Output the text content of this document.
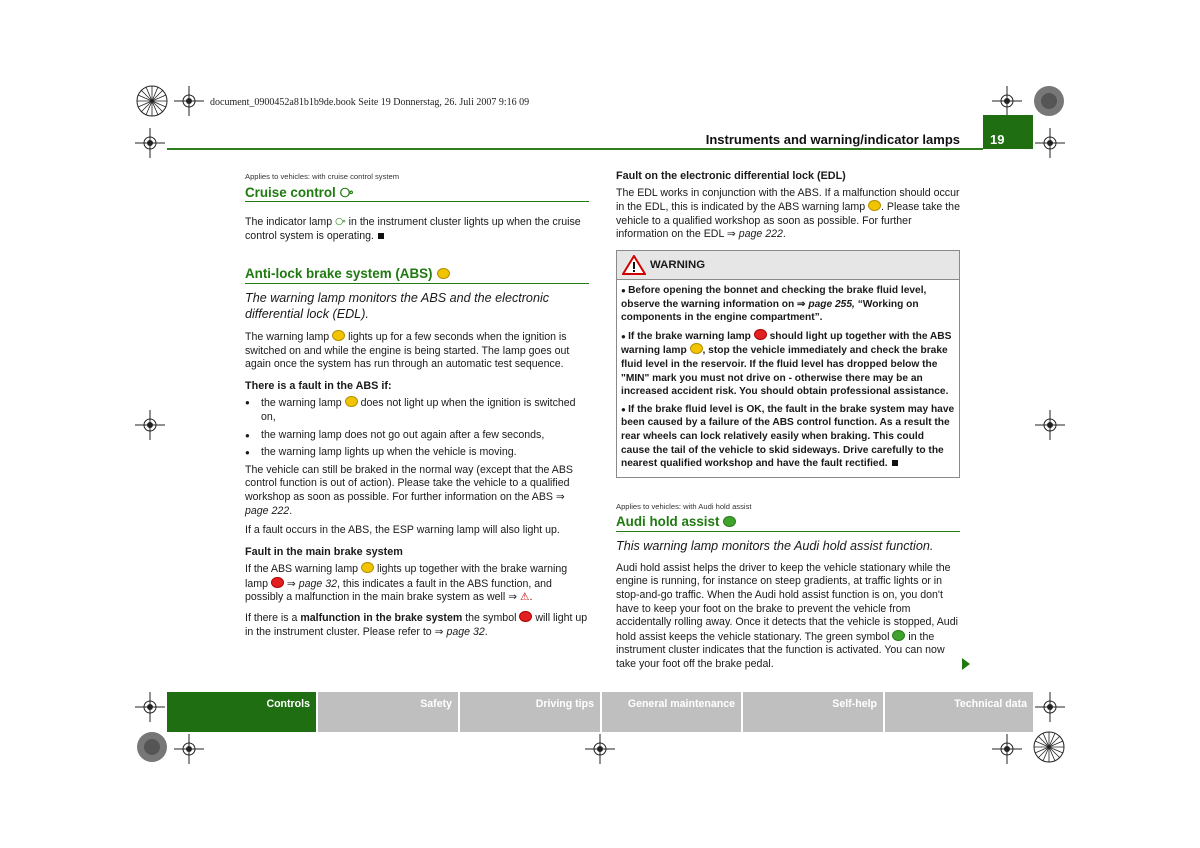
document_0900452a81b1b9de.book Seite 19 Donnerstag, 26. Juli 2007 9:16 09
Instruments and warning/indicator lamps 19

Applies to vehicles: with cruise control system

Cruise control ⧂

The indicator lamp ⧂ in the instrument cluster lights up when the cruise control system is operating.

Anti-lock brake system (ABS)

The warning lamp monitors the ABS and the electronic differential lock (EDL).

The warning lamp lights up for a few seconds when the ignition is switched on and while the engine is being started. The lamp goes out again once the system has run through an automatic test sequence.

There is a fault in the ABS if:

● the warning lamp does not light up when the ignition is switched on,

● the warning lamp does not go out again after a few seconds,

● the warning lamp lights up when the vehicle is moving.

The vehicle can still be braked in the normal way (except that the ABS control function is out of action). Please take the vehicle to a qualified workshop as soon as possible. For further information on the ABS ⇒ page 222.

If a fault occurs in the ABS, the ESP warning lamp will also light up.

Fault in the main brake system

If the ABS warning lamp lights up together with the brake warning lamp  ⇒ page 32, this indicates a fault in the ABS function, and possibly a malfunction in the main brake system as well ⇒ ⚠.

If there is a malfunction in the brake system the symbol will light up in the instrument cluster. Please refer to ⇒ page 32.

Fault on the electronic differential lock (EDL)

The EDL works in conjunction with the ABS. If a malfunction should occur in the EDL, this is indicated by the ABS warning lamp . Please take the vehicle to a qualified workshop as soon as possible. For further information on the EDL ⇒ page 222.

WARNING

● Before opening the bonnet and checking the brake fluid level, observe the warning information on ⇒ page 255, “Working on components in the engine compartment”.

● If the brake warning lamp should light up together with the ABS warning lamp , stop the vehicle immediately and check the brake fluid level in the reservoir. If the fluid level has dropped below the "MIN" mark you must not drive on - otherwise there may be an increased accident risk. You should obtain professional assistance.

● If the brake fluid level is OK, the fault in the brake system may have been caused by a failure of the ABS control function. As a result the rear wheels can lock relatively easily when braking. This could cause the tail of the vehicle to skid sideways. Drive carefully to the nearest qualified workshop and have the fault rectified.

Applies to vehicles: with Audi hold assist

Audi hold assist

This warning lamp monitors the Audi hold assist function.

Audi hold assist helps the driver to keep the vehicle stationary while the engine is running, for instance on steep gradients, at traffic lights or in stop-and-go traffic. When the Audi hold assist function is on, you don't have to keep your foot on the brake to prevent the vehicle from accidentally rolling away. Once it detects that the vehicle is stopped, Audi hold assist keeps the vehicle stationary. The green symbol in the instrument cluster indicates that the function is activated. You can now take your foot off the brake pedal.

Controls	Safety	Driving tips	General maintenance	Self-help	Technical data
